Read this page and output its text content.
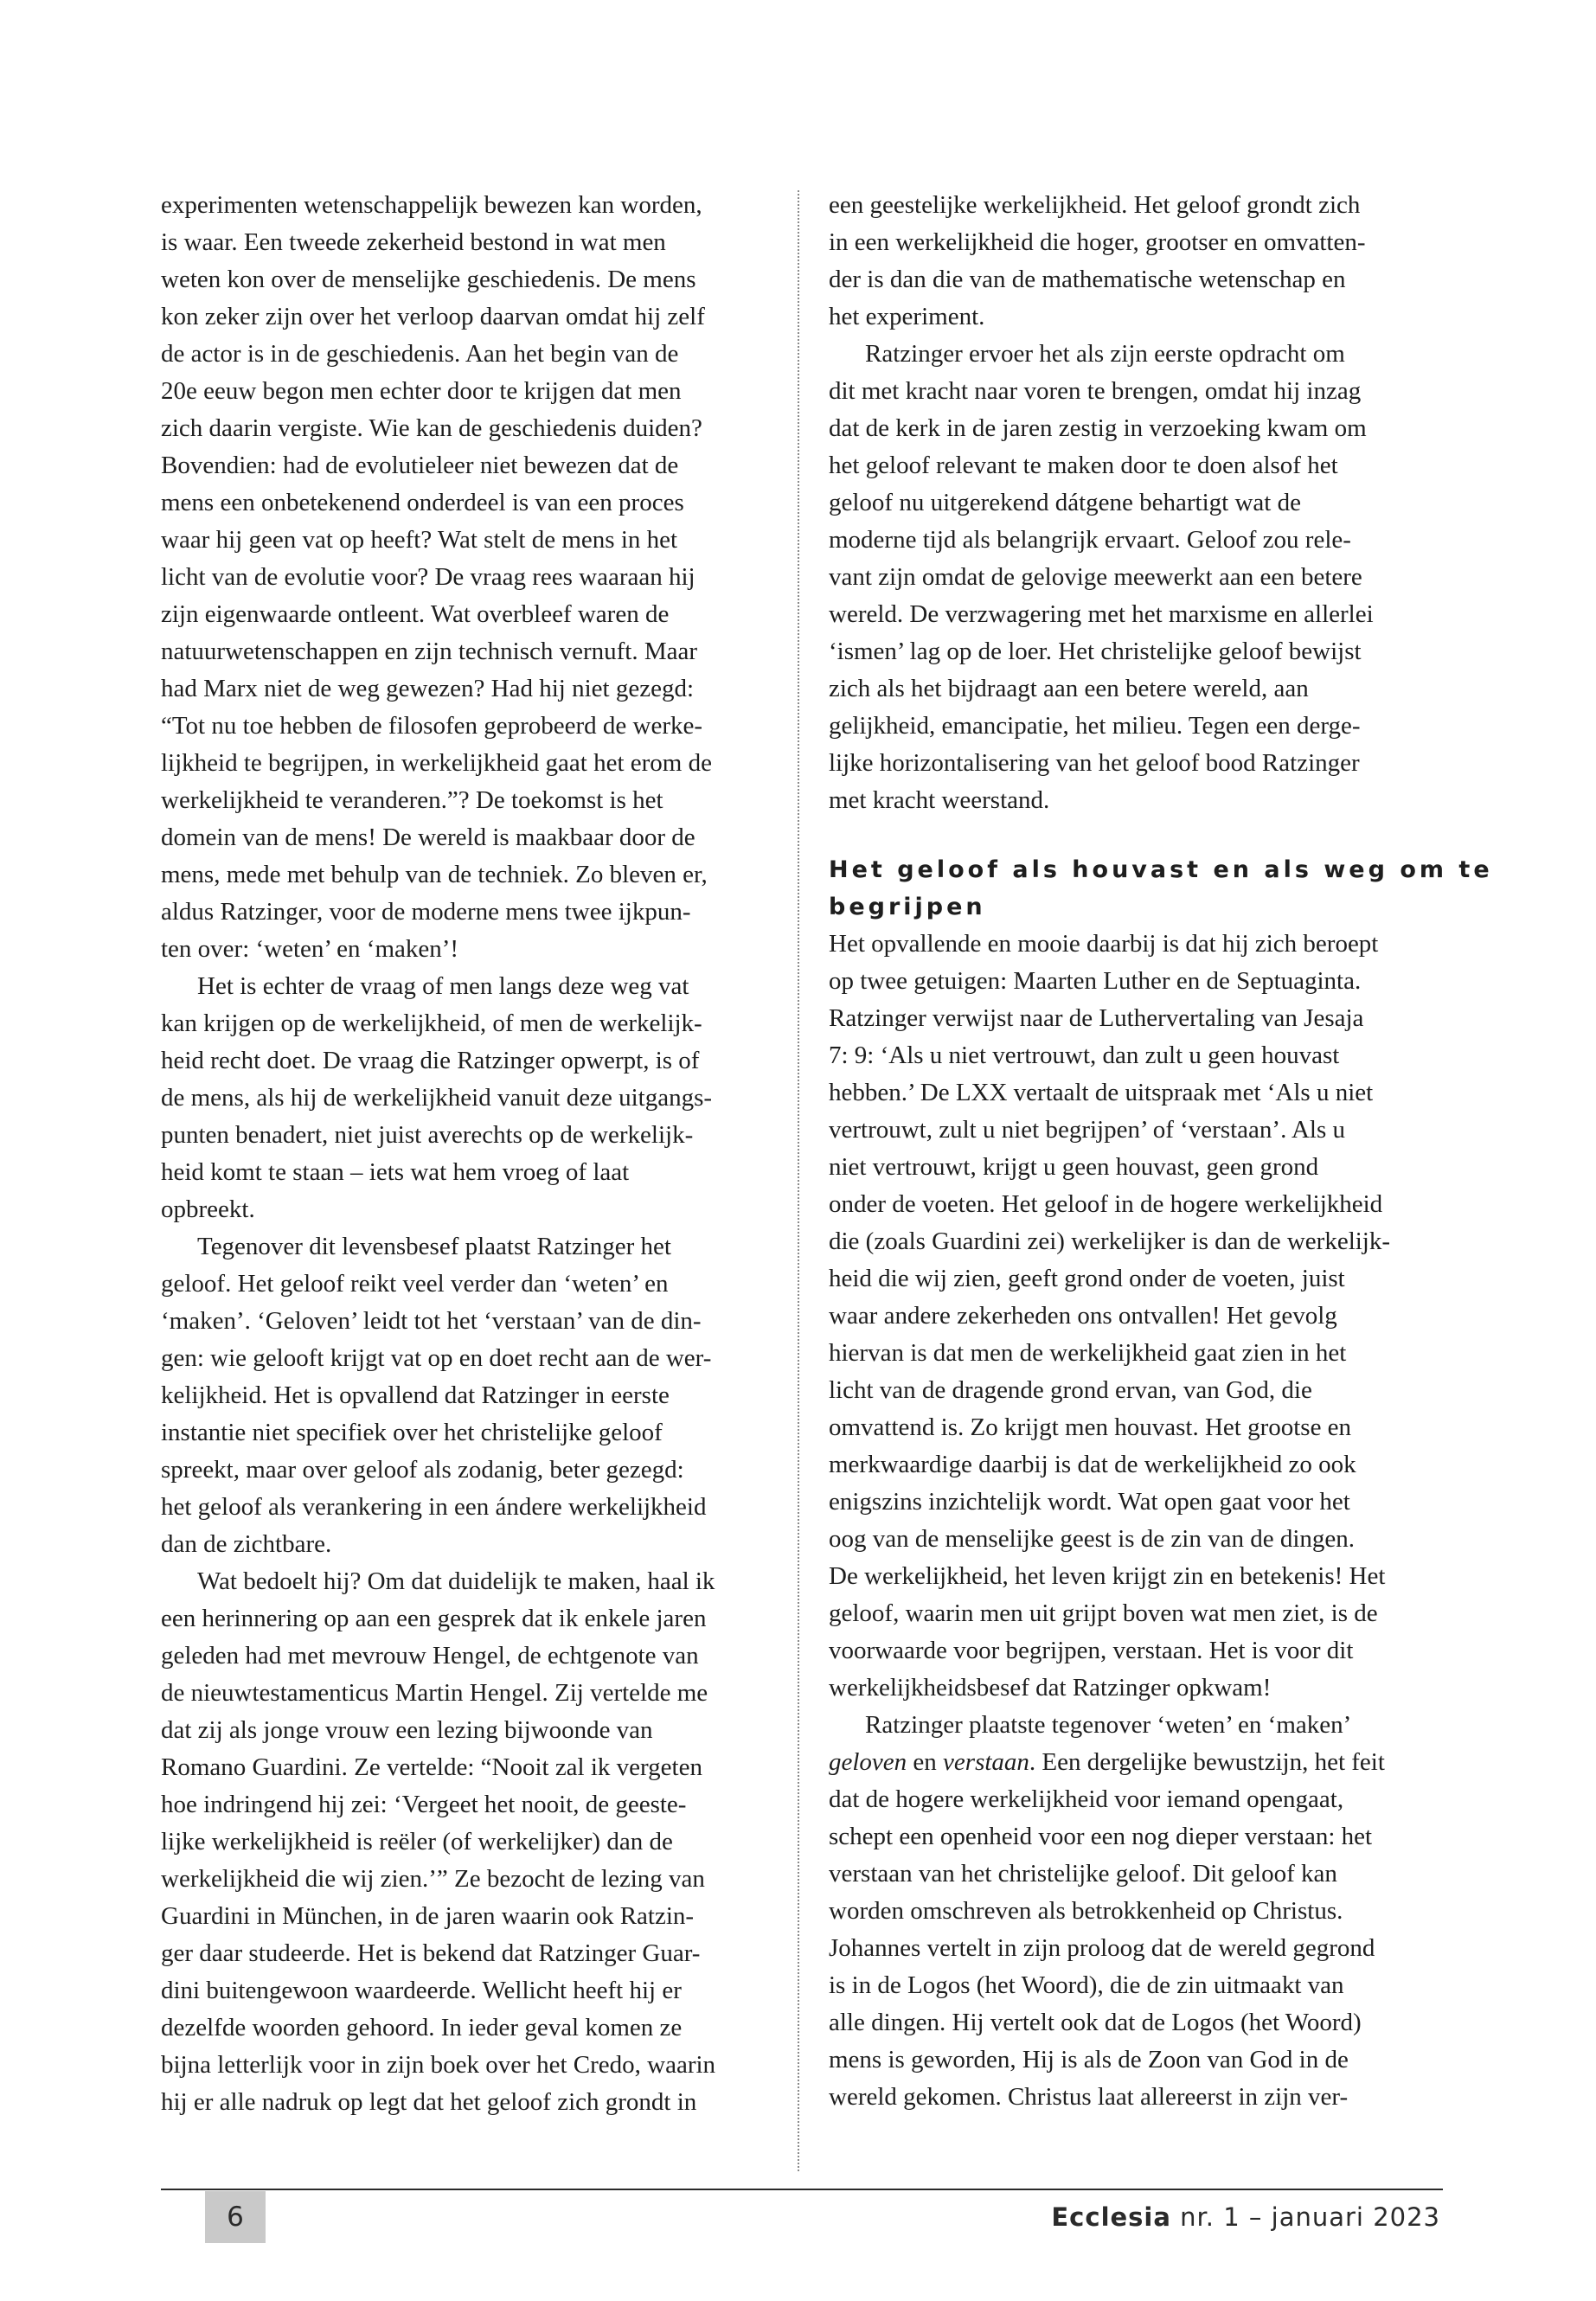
experimenten wetenschappelijk bewezen kan worden,
is waar. Een tweede zekerheid bestond in wat men
weten kon over de menselijke geschiedenis. De mens
kon zeker zijn over het verloop daarvan omdat hij zelf
de actor is in de geschiedenis. Aan het begin van de
20e eeuw begon men echter door te krijgen dat men
zich daarin vergiste. Wie kan de geschiedenis duiden?
Bovendien: had de evolutieleer niet bewezen dat de
mens een onbetekenend onderdeel is van een proces
waar hij geen vat op heeft? Wat stelt de mens in het
licht van de evolutie voor? De vraag rees waaraan hij
zijn eigenwaarde ontleent. Wat overbleef waren de
natuurwetenschappen en zijn technisch vernuft. Maar
had Marx niet de weg gewezen? Had hij niet gezegd:
“Tot nu toe hebben de filosofen geprobeerd de werke-
lijkheid te begrijpen, in werkelijkheid gaat het erom de
werkelijkheid te veranderen.”? De toekomst is het
domein van de mens! De wereld is maakbaar door de
mens, mede met behulp van de techniek. Zo bleven er,
aldus Ratzinger, voor de moderne mens twee ijkpun-
ten over: ‘weten’ en ‘maken’!
Het is echter de vraag of men langs deze weg vat
kan krijgen op de werkelijkheid, of men de werkelijk-
heid recht doet. De vraag die Ratzinger opwerpt, is of
de mens, als hij de werkelijkheid vanuit deze uitgangs-
punten benadert, niet juist averechts op de werkelijk-
heid komt te staan – iets wat hem vroeg of laat
opbreekt.
Tegenover dit levensbesef plaatst Ratzinger het
geloof. Het geloof reikt veel verder dan ‘weten’ en
‘maken’. ‘Geloven’ leidt tot het ‘verstaan’ van de din-
gen: wie gelooft krijgt vat op en doet recht aan de wer-
kelijkheid. Het is opvallend dat Ratzinger in eerste
instantie niet specifiek over het christelijke geloof
spreekt, maar over geloof als zodanig, beter gezegd:
het geloof als verankering in een ándere werkelijkheid
dan de zichtbare.
Wat bedoelt hij? Om dat duidelijk te maken, haal ik
een herinnering op aan een gesprek dat ik enkele jaren
geleden had met mevrouw Hengel, de echtgenote van
de nieuwtestamenticus Martin Hengel. Zij vertelde me
dat zij als jonge vrouw een lezing bijwoonde van
Romano Guardini. Ze vertelde: “Nooit zal ik vergeten
hoe indringend hij zei: ‘Vergeet het nooit, de geeste-
lijke werkelijkheid is reëler (of werkelijker) dan de
werkelijkheid die wij zien.’” Ze bezocht de lezing van
Guardini in München, in de jaren waarin ook Ratzin-
ger daar studeerde. Het is bekend dat Ratzinger Guar-
dini buitengewoon waardeerde. Wellicht heeft hij er
dezelfde woorden gehoord. In ieder geval komen ze
bijna letterlijk voor in zijn boek over het Credo, waarin
hij er alle nadruk op legt dat het geloof zich grondt in
een geestelijke werkelijkheid. Het geloof grondt zich
in een werkelijkheid die hoger, grootser en omvatten-
der is dan die van de mathematische wetenschap en
het experiment.
Ratzinger ervoer het als zijn eerste opdracht om
dit met kracht naar voren te brengen, omdat hij inzag
dat de kerk in de jaren zestig in verzoeking kwam om
het geloof relevant te maken door te doen alsof het
geloof nu uitgerekend dátgene behartigt wat de
moderne tijd als belangrijk ervaart. Geloof zou rele-
vant zijn omdat de gelovige meewerkt aan een betere
wereld. De verzwagering met het marxisme en allerlei
‘ismen’ lag op de loer. Het christelijke geloof bewijst
zich als het bijdraagt aan een betere wereld, aan
gelijkheid, emancipatie, het milieu. Tegen een derge-
lijke horizontalisering van het geloof bood Ratzinger
met kracht weerstand.
Het geloof als houvast en als weg om te
begrijpen
Het opvallende en mooie daarbij is dat hij zich beroept
op twee getuigen: Maarten Luther en de Septuaginta.
Ratzinger verwijst naar de Luthervertaling van Jesaja
7: 9: ‘Als u niet vertrouwt, dan zult u geen houvast
hebben.’ De LXX vertaalt de uitspraak met ‘Als u niet
vertrouwt, zult u niet begrijpen’ of ‘verstaan’. Als u
niet vertrouwt, krijgt u geen houvast, geen grond
onder de voeten. Het geloof in de hogere werkelijkheid
die (zoals Guardini zei) werkelijker is dan de werkelijk-
heid die wij zien, geeft grond onder de voeten, juist
waar andere zekerheden ons ontvallen! Het gevolg
hiervan is dat men de werkelijkheid gaat zien in het
licht van de dragende grond ervan, van God, die
omvattend is. Zo krijgt men houvast. Het grootse en
merkwaardige daarbij is dat de werkelijkheid zo ook
enigszins inzichtelijk wordt. Wat open gaat voor het
oog van de menselijke geest is de zin van de dingen.
De werkelijkheid, het leven krijgt zin en betekenis! Het
geloof, waarin men uit grijpt boven wat men ziet, is de
voorwaarde voor begrijpen, verstaan. Het is voor dit
werkelijkheidsbesef dat Ratzinger opkwam!
Ratzinger plaatste tegenover ‘weten’ en ‘maken’
geloven en verstaan. Een dergelijke bewustzijn, het feit
dat de hogere werkelijkheid voor iemand opengaat,
schept een openheid voor een nog dieper verstaan: het
verstaan van het christelijke geloof. Dit geloof kan
worden omschreven als betrokkenheid op Christus.
Johannes vertelt in zijn proloog dat de wereld gegrond
is in de Logos (het Woord), die de zin uitmaakt van
alle dingen. Hij vertelt ook dat de Logos (het Woord)
mens is geworden, Hij is als de Zoon van God in de
wereld gekomen. Christus laat allereerst in zijn ver-
6	Ecclesia nr. 1 – januari 2023
